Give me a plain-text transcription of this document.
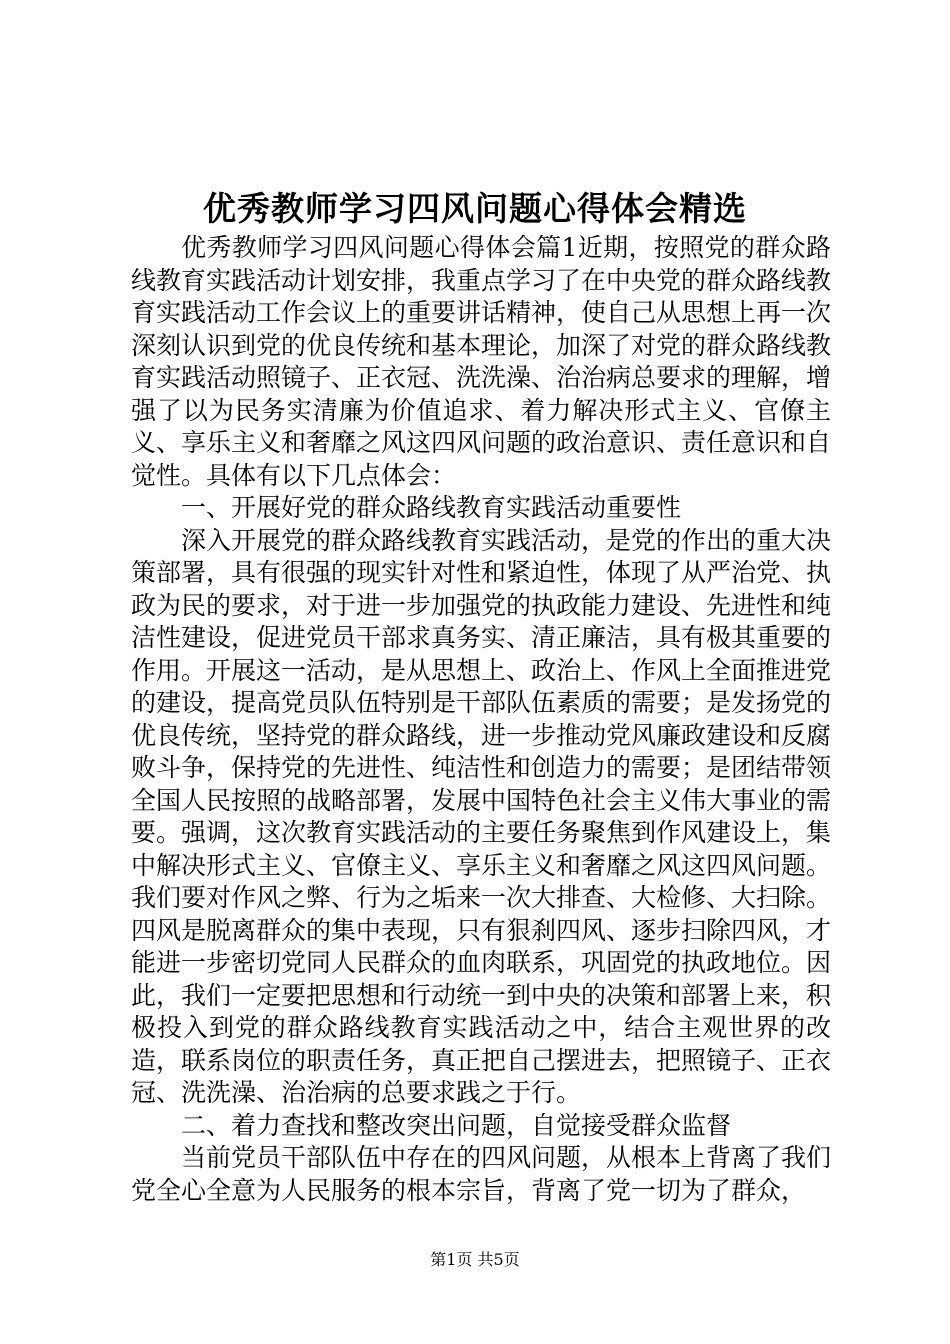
优秀教师学习四风问题心得体会精选

优秀教师学习四风问题心得体会篇1近期，按照党的群众路线教育实践活动计划安排，我重点学习了在中央党的群众路线教育实践活动工作会议上的重要讲话精神，使自己从思想上再一次深刻认识到党的优良传统和基本理论，加深了对党的群众路线教育实践活动照镜子、正衣冠、洗洗澡、治治病总要求的理解，增强了以为民务实清廉为价值追求、着力解决形式主义、官僚主义、享乐主义和奢靡之风这四风问题的政治意识、责任意识和自觉性。具体有以下几点体会：

一、开展好党的群众路线教育实践活动重要性

深入开展党的群众路线教育实践活动，是党的作出的重大决策部署，具有很强的现实针对性和紧迫性，体现了从严治党、执政为民的要求，对于进一步加强党的执政能力建设、先进性和纯洁性建设，促进党员干部求真务实、清正廉洁，具有极其重要的作用。开展这一活动，是从思想上、政治上、作风上全面推进党的建设，提高党员队伍特别是干部队伍素质的需要；是发扬党的优良传统，坚持党的群众路线，进一步推动党风廉政建设和反腐败斗争，保持党的先进性、纯洁性和创造力的需要；是团结带领全国人民按照的战略部署，发展中国特色社会主义伟大事业的需要。强调，这次教育实践活动的主要任务聚焦到作风建设上，集中解决形式主义、官僚主义、享乐主义和奢靡之风这四风问题。我们要对作风之弊、行为之垢来一次大排查、大检修、大扫除。四风是脱离群众的集中表现，只有狠刹四风、逐步扫除四风，才能进一步密切党同人民群众的血肉联系，巩固党的执政地位。因此，我们一定要把思想和行动统一到中央的决策和部署上来，积极投入到党的群众路线教育实践活动之中，结合主观世界的改造，联系岗位的职责任务，真正把自己摆进去，把照镜子、正衣冠、洗洗澡、治治病的总要求践之于行。

二、着力查找和整改突出问题，自觉接受群众监督

当前党员干部队伍中存在的四风问题，从根本上背离了我们党全心全意为人民服务的根本宗旨，背离了党一切为了群众，

第1页 共5页
